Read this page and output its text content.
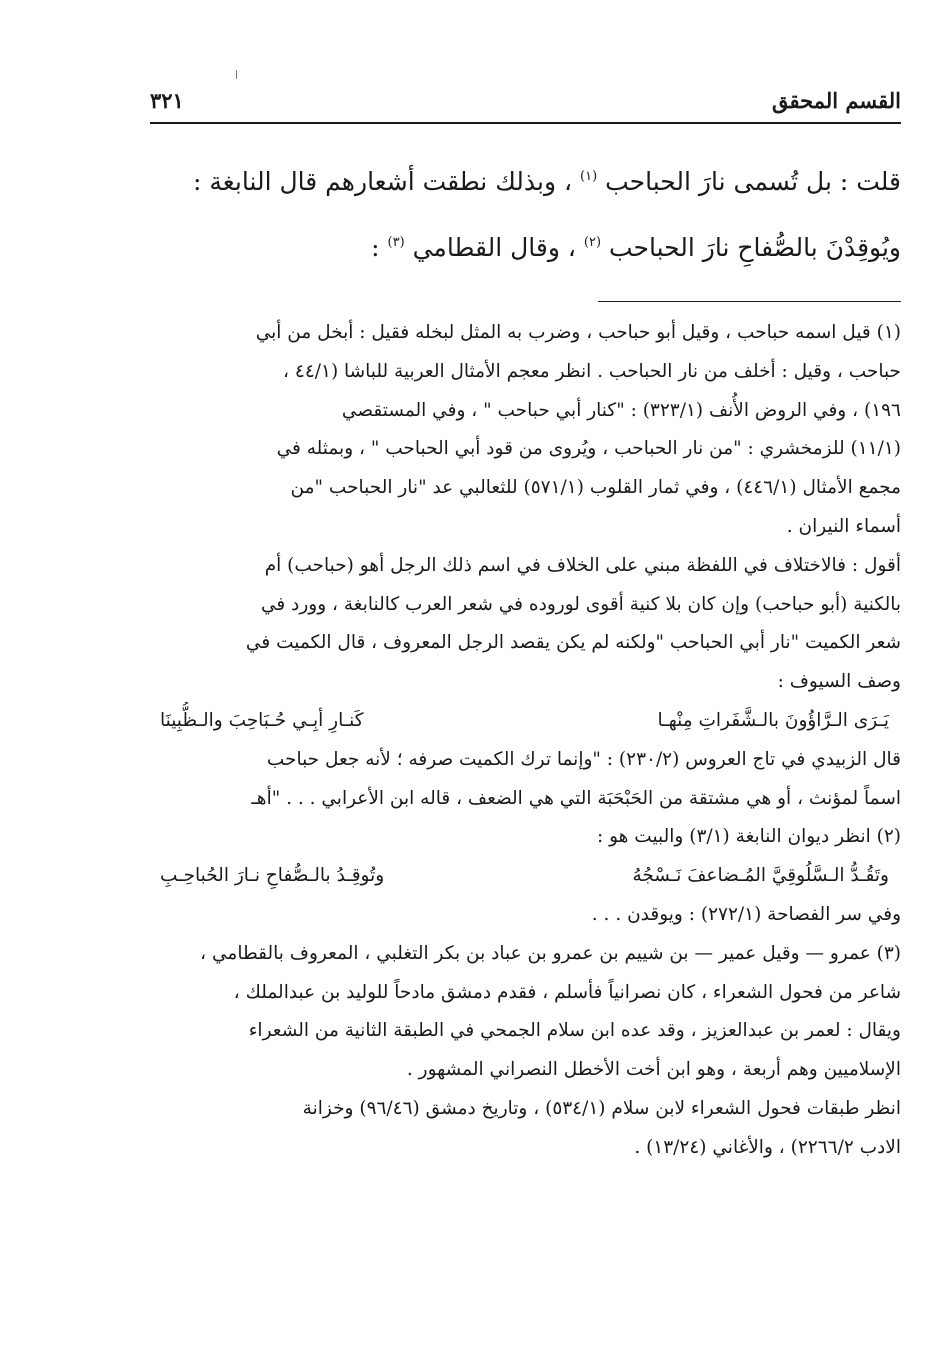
القسم المحقق
٣٢١
قلت : بل تُسمى نارَ الحباحب $^{(١)}$ ، وبذلك نطقت أشعارهم قال النابغة :
ويُوقِدْنَ بالصُّفاحِ نارَ الحباحب $^{(٢)}$ ، وقال القطامي $^{(٣)}$ :
(١) قيل اسمه حباحب ، وقيل أبو حباحب ، وضرب به المثل لبخله فقيل : أبخل من أبي
حباحب ، وقيل : أخلف من نار الحباحب . انظر معجم الأمثال العربية للباشا (٤٤/١ ،
١٩٦) ، وفي الروض الأُنف (٣٢٣/١) : "كنار أبي حباحب " ، وفي المستقصي
(١١/١) للزمخشري : "من نار الحباحب ، ويُروى من قود أبي الحباحب " ، وبمثله في
مجمع الأمثال (٤٤٦/١) ، وفي ثمار القلوب (٥٧١/١) للثعالبي عد "نار الحباحب "من
أسماء النيران .
أقول : فالاختلاف في اللفظة مبني على الخلاف في اسم ذلك الرجل أهو (حباحب) أم
بالكنية (أبو حباحب) وإن كان بلا كنية أقوى لوروده في شعر العرب كالنابغة ، وورد في
شعر الكميت "نار أبي الحباحب "ولكنه لم يكن يقصد الرجل المعروف ، قال الكميت في
وصف السيوف :
يَـرَى الـرَّاؤُونَ بالـشَّفَراتِ مِنْهـا
كَنـارِ أبِـي حُـبَاحِبَ والـظُّبِينَا
قال الزبيدي في تاج العروس (٢٣٠/٢) : "وإنما ترك الكميت صرفه ؛ لأنه جعل حباحب
اسماً لمؤنث ، أو هي مشتقة من الحَبْحَبَة التي هي الضعف ، قاله ابن الأعرابي . . . "أهـ
(٢) انظر ديوان النابغة (٣/١) والبيت هو :
وتَقُـدُّ الـسَّلُوقِيَّ المُـضاعفَ نَـسْجُهُ
وتُوقِـدُ بالـصُّفاحِ نـارَ الحُباحِـبِ
وفي سر الفصاحة (٢٧٢/١) : ويوقدن . . .
(٣) عمرو — وقيل عمير — بن شييم بن عمرو بن عباد بن بكر التغلبي ، المعروف بالقطامي ،
شاعر من فحول الشعراء ، كان نصرانياً فأسلم ، فقدم دمشق مادحاً للوليد بن عبدالملك ،
ويقال : لعمر بن عبدالعزيز ، وقد عده ابن سلام الجمحي في الطبقة الثانية من الشعراء
الإسلاميين وهم أربعة ، وهو ابن أخت الأخطل النصراني المشهور .
انظر طبقات فحول الشعراء لابن سلام (٥٣٤/١) ، وتاريخ دمشق (٩٦/٤٦) وخزانة
الادب ٢٢٦٦/٢) ، والأغاني (١٣/٢٤) .
